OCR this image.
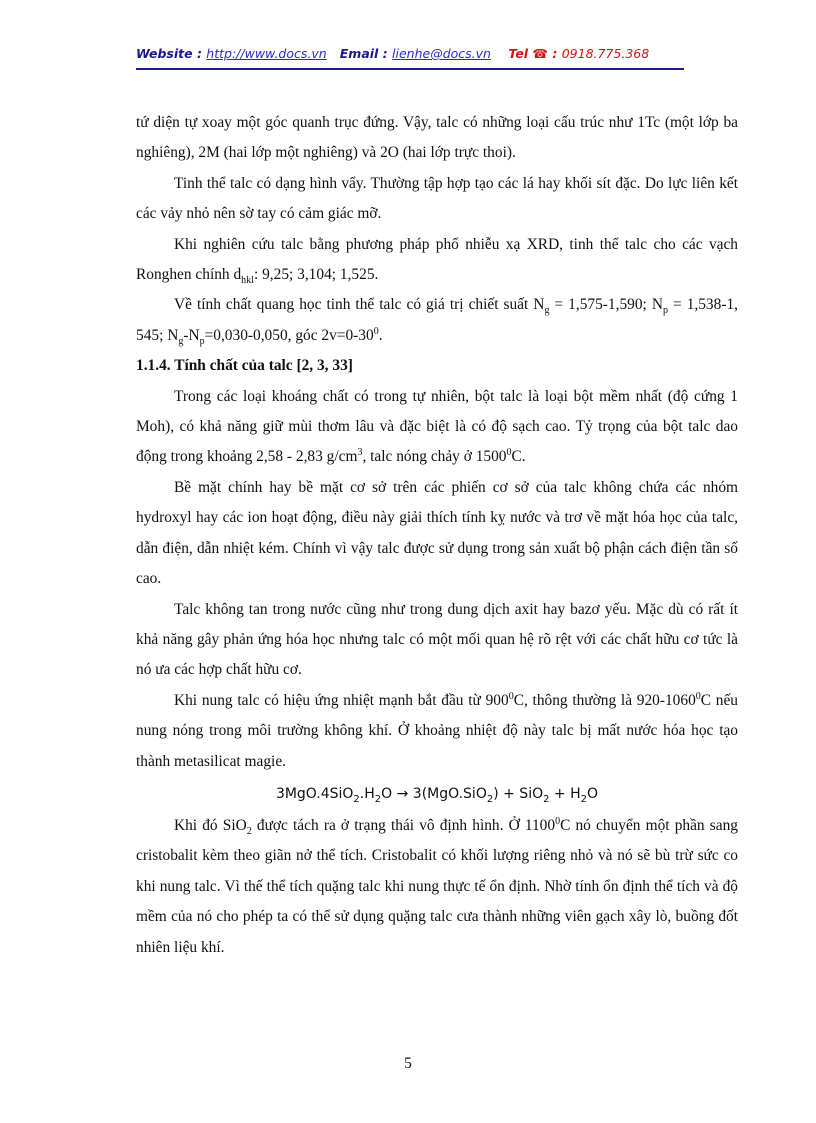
Website : http://www.docs.vn Email : lienhe@docs.vn Tel ☎ : 0918.775.368

tứ diện tự xoay một góc quanh trục đứng. Vậy, talc có những loại cấu trúc như 1Tc (một lớp ba nghiêng), 2M (hai lớp một nghiêng) và 2O (hai lớp trực thoi).

Tinh thể talc có dạng hình vẩy. Thường tập hợp tạo các lá hay khối sít đặc. Do lực liên kết các vảy nhỏ nên sờ tay có cảm giác mỡ.

Khi nghiên cứu talc bằng phương pháp phổ nhiễu xạ XRD, tinh thể talc cho các vạch Ronghen chính $d_{hkl}$: 9,25; 3,104; 1,525.

Về tính chất quang học tinh thể talc có giá trị chiết suất $N_g = 1,575-1,590$; $N_p = 1,538-1$, 545; $N_g-N_p=0,030-0,050$, góc $2v=0-30^0$.

1.1.4. Tính chất của talc [2, 3, 33]

Trong các loại khoáng chất có trong tự nhiên, bột talc là loại bột mềm nhất (độ cứng 1 Moh), có khả năng giữ mùi thơm lâu và đặc biệt là có độ sạch cao. Tỷ trọng của bột talc dao động trong khoảng 2,58 - 2,83 $g/cm^3$, talc nóng chảy ở 1500$^0$C.

Bề mặt chính hay bề mặt cơ sở trên các phiến cơ sở của talc không chứa các nhóm hydroxyl hay các ion hoạt động, điều này giải thích tính kỵ nước và trơ về mặt hóa học của talc, dẫn điện, dẫn nhiệt kém. Chính vì vậy talc được sử dụng trong sản xuất bộ phận cách điện tần số cao.

Talc không tan trong nước cũng như trong dung dịch axit hay bazơ yếu. Mặc dù có rất ít khả năng gây phản ứng hóa học nhưng talc có một mối quan hệ rõ rệt với các chất hữu cơ tức là nó ưa các hợp chất hữu cơ.

Khi nung talc có hiệu ứng nhiệt mạnh bắt đầu từ $900^0C$, thông thường là 920-1060$^0$C nếu nung nóng trong môi trường không khí. Ở khoảng nhiệt độ này talc bị mất nước hóa học tạo thành metasilicat magie.

$3MgO.4SiO_2.H_2O \to 3(MgO.SiO_2) + SiO_2 + H_2O$

Khi đó SiO$_2$ được tách ra ở trạng thái vô định hình. Ở 1100$^0$C nó chuyển một phần sang cristobalit kèm theo giãn nở thể tích. Cristobalit có khối lượng riêng nhỏ và nó sẽ bù trừ sức co khi nung talc. Vì thế thể tích quặng talc khi nung thực tế ổn định. Nhờ tính ổn định thể tích và độ mềm của nó cho phép ta có thể sử dụng quặng talc cưa thành những viên gạch xây lò, buồng đốt nhiên liệu khí.

5
